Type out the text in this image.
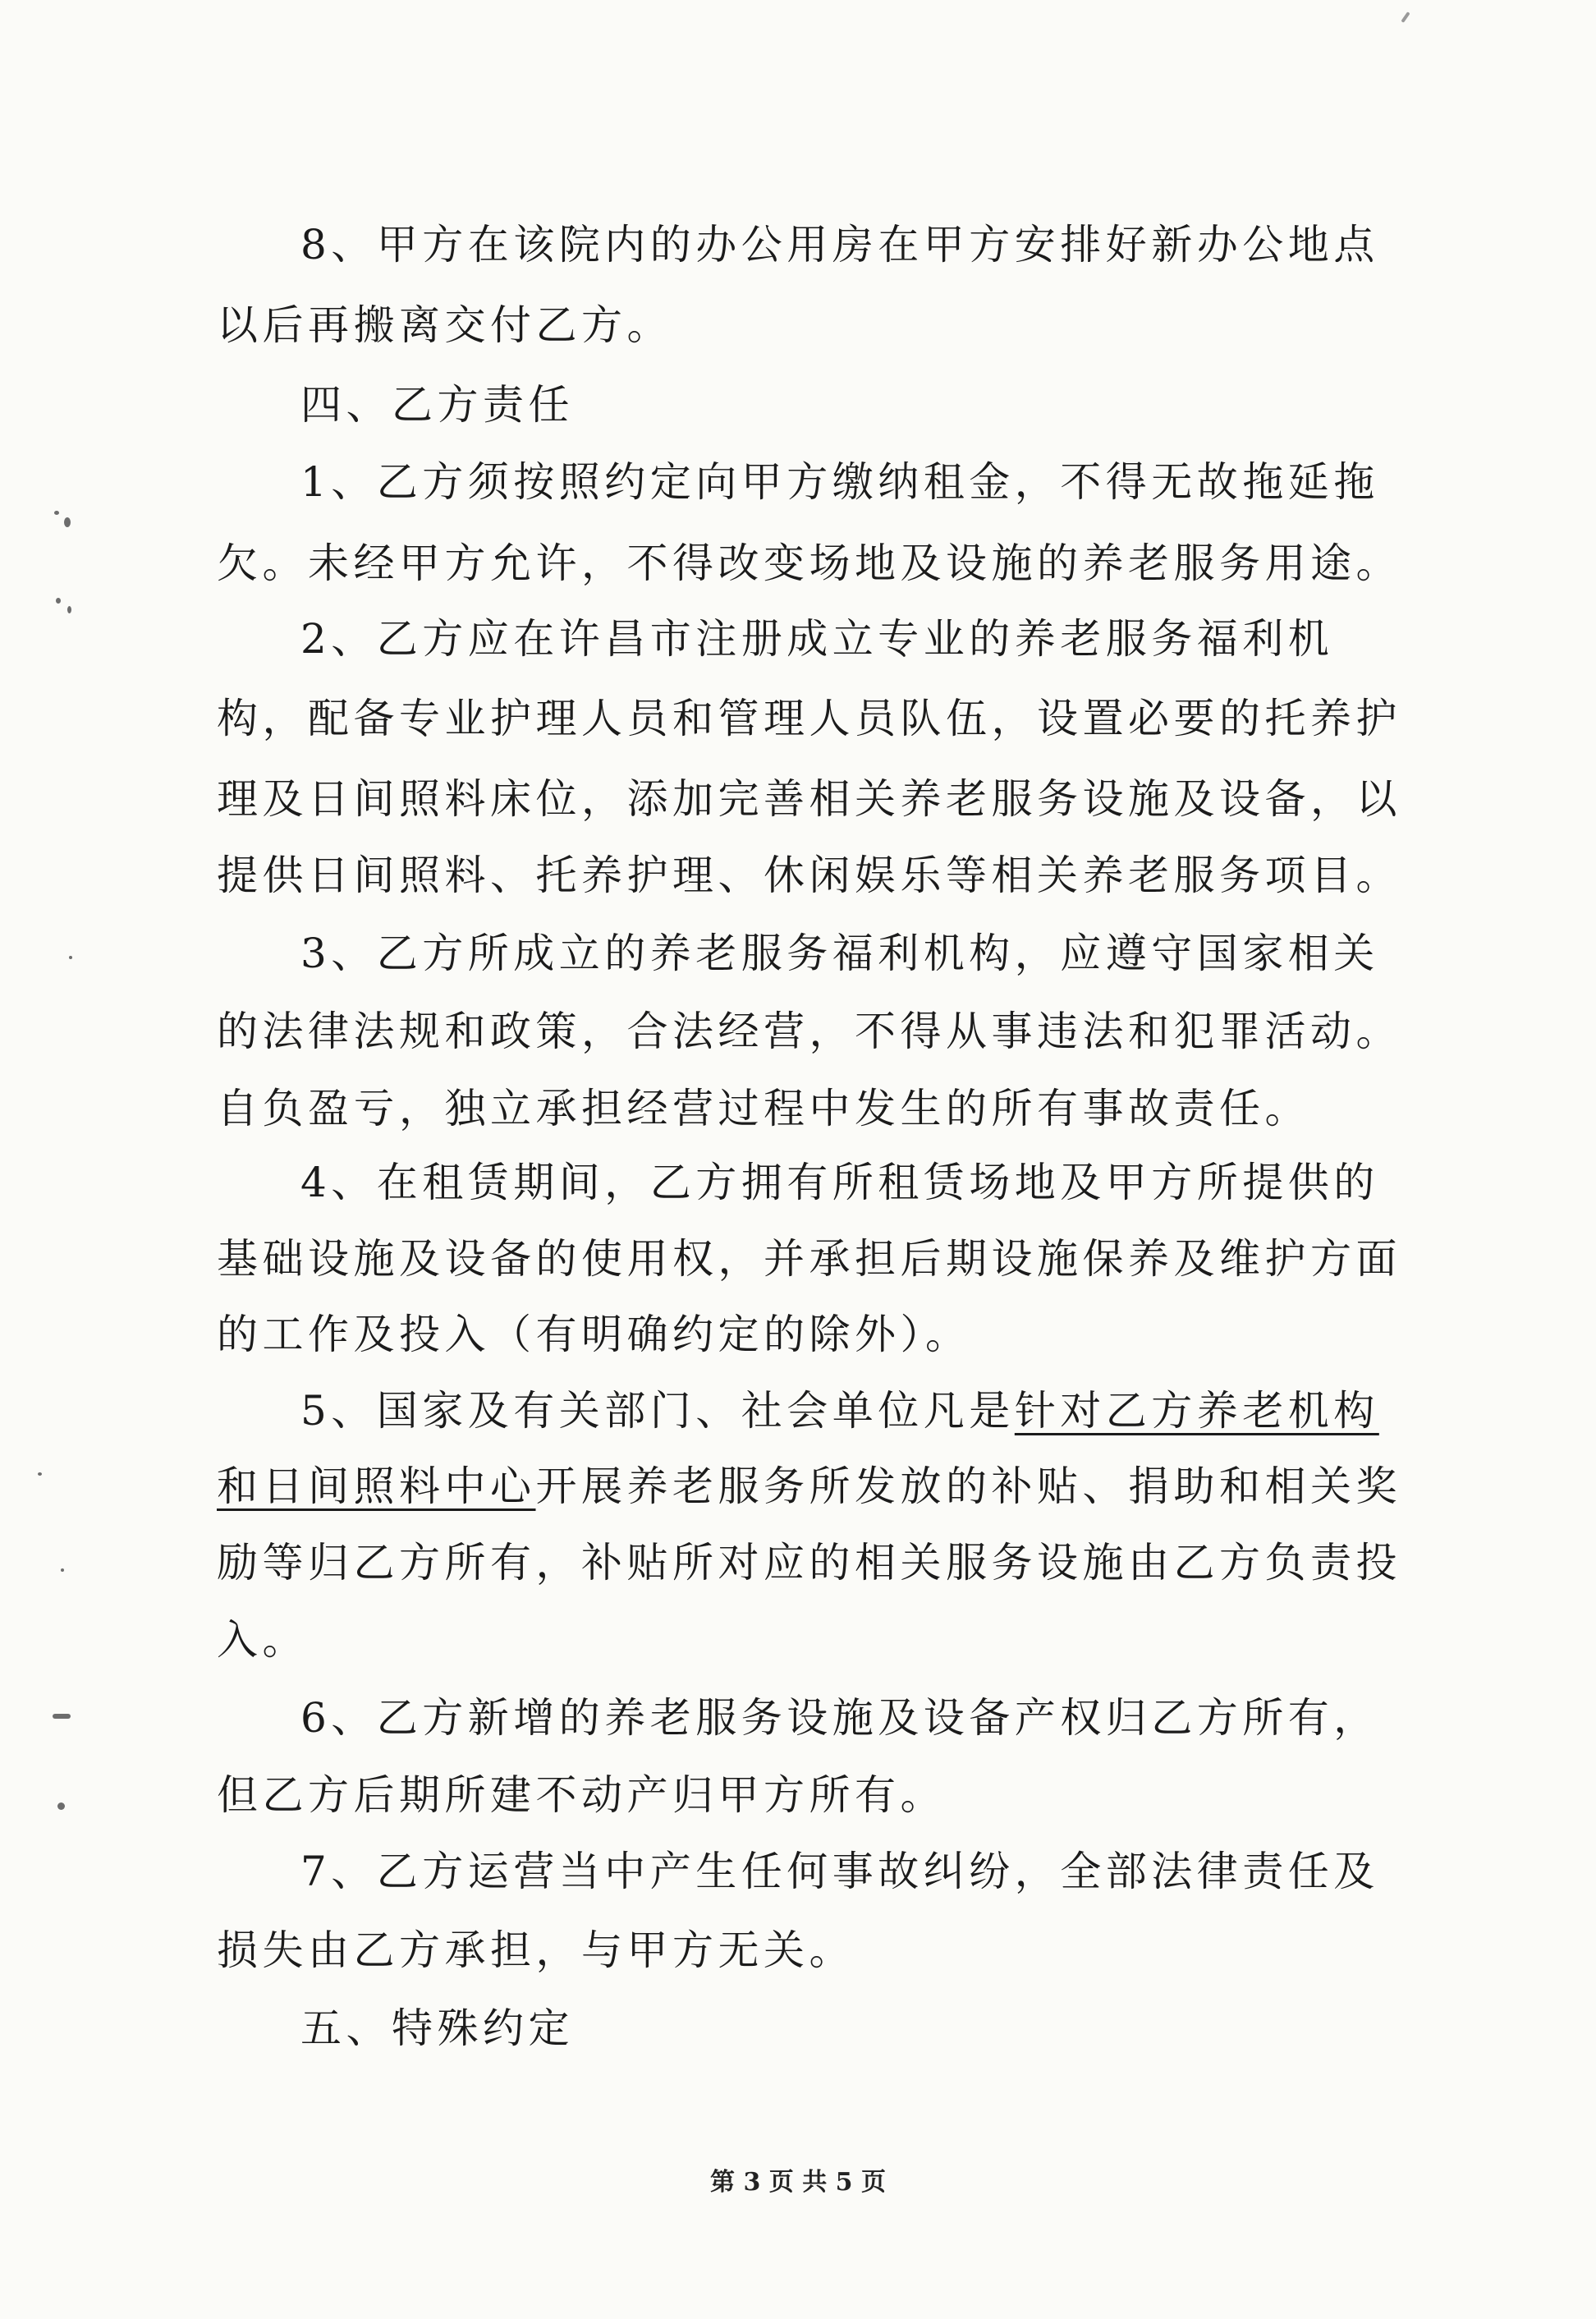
8、甲方在该院内的办公用房在甲方安排好新办公地点
以后再搬离交付乙方。
四、乙方责任
1、乙方须按照约定向甲方缴纳租金，不得无故拖延拖
欠。未经甲方允许，不得改变场地及设施的养老服务用途。
2、乙方应在许昌市注册成立专业的养老服务福利机
构，配备专业护理人员和管理人员队伍，设置必要的托养护
理及日间照料床位，添加完善相关养老服务设施及设备，以
提供日间照料、托养护理、休闲娱乐等相关养老服务项目。
3、乙方所成立的养老服务福利机构，应遵守国家相关
的法律法规和政策，合法经营，不得从事违法和犯罪活动。
自负盈亏，独立承担经营过程中发生的所有事故责任。
4、在租赁期间，乙方拥有所租赁场地及甲方所提供的
基础设施及设备的使用权，并承担后期设施保养及维护方面
的工作及投入（有明确约定的除外）。
5、国家及有关部门、社会单位凡是针对乙方养老机构
和日间照料中心开展养老服务所发放的补贴、捐助和相关奖
励等归乙方所有，补贴所对应的相关服务设施由乙方负责投
入。
6、乙方新增的养老服务设施及设备产权归乙方所有，
但乙方后期所建不动产归甲方所有。
7、乙方运营当中产生任何事故纠纷，全部法律责任及
损失由乙方承担，与甲方无关。
五、特殊约定
第 3 页 共 5 页
